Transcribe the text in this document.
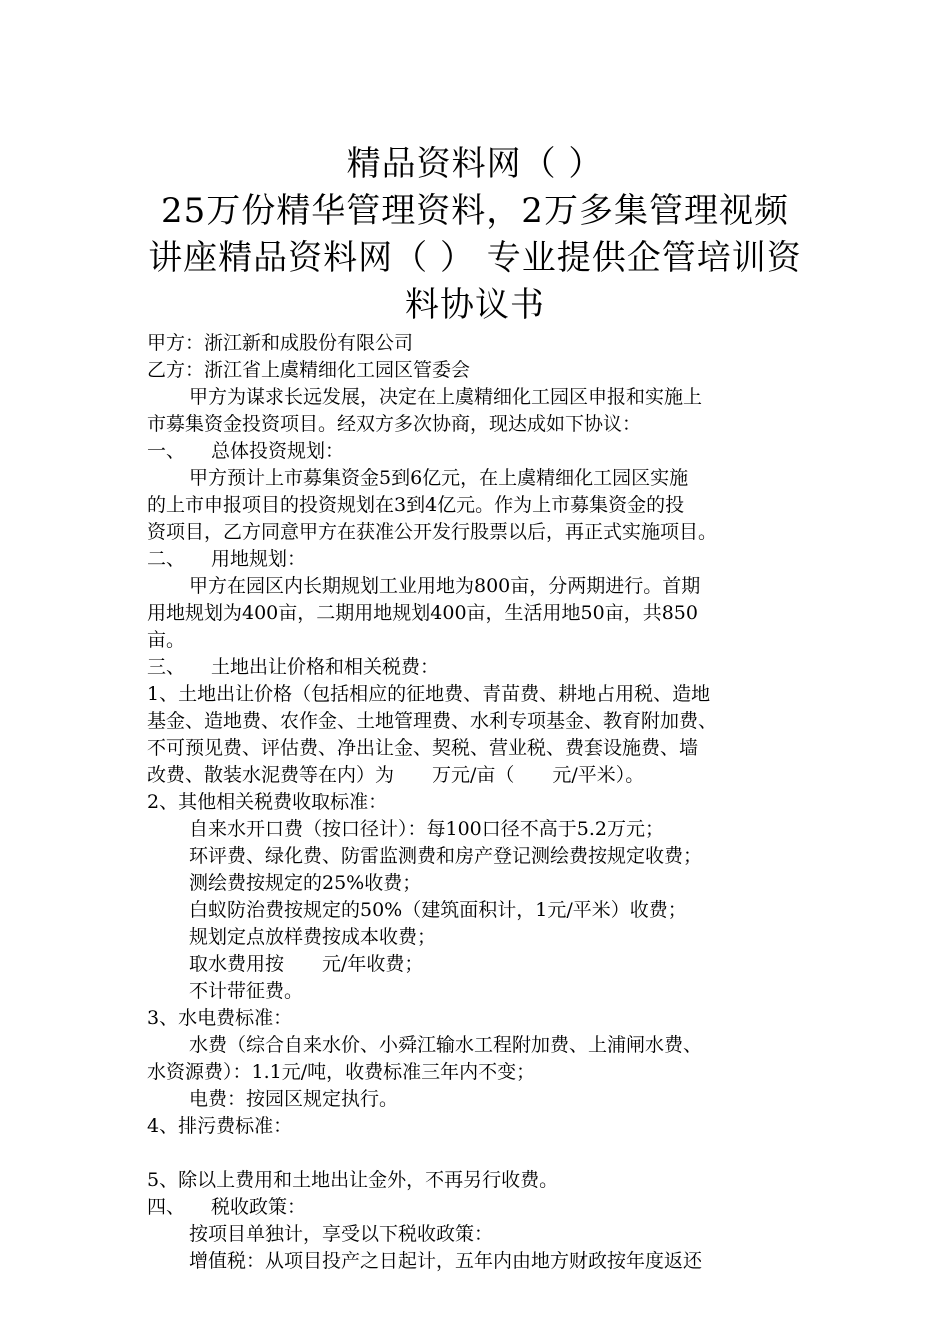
精品资料网（ ）
25万份精华管理资料，2万多集管理视频
讲座精品资料网（ ） 专业提供企管培训资
料协议书
甲方：浙江新和成股份有限公司
乙方：浙江省上虞精细化工园区管委会
甲方为谋求长远发展，决定在上虞精细化工园区申报和实施上
市募集资金投资项目。经双方多次协商，现达成如下协议：
一、 总体投资规划：
甲方预计上市募集资金5到6亿元，在上虞精细化工园区实施
的上市申报项目的投资规划在3到4亿元。作为上市募集资金的投
资项目，乙方同意甲方在获准公开发行股票以后，再正式实施项目。
二、 用地规划：
甲方在园区内长期规划工业用地为800亩，分两期进行。首期
用地规划为400亩，二期用地规划400亩，生活用地50亩，共850
亩。
三、 土地出让价格和相关税费：
1、土地出让价格（包括相应的征地费、青苗费、耕地占用税、造地
基金、造地费、农作金、土地管理费、水利专项基金、教育附加费、
不可预见费、评估费、净出让金、契税、营业税、费套设施费、墙
改费、散装水泥费等在内）为　　万元/亩（　　元/平米）。
2、其他相关税费收取标准：
自来水开口费（按口径计）：每100口径不高于5.2万元；
环评费、绿化费、防雷监测费和房产登记测绘费按规定收费；
测绘费按规定的25%收费；
白蚁防治费按规定的50%（建筑面积计，1元/平米）收费；
规划定点放样费按成本收费；
取水费用按　　元/年收费；
不计带征费。
3、水电费标准：
水费（综合自来水价、小舜江输水工程附加费、上浦闸水费、
水资源费）：1.1元/吨，收费标准三年内不变；
电费：按园区规定执行。
4、排污费标准：
5、除以上费用和土地出让金外，不再另行收费。
四、 税收政策：
按项目单独计，享受以下税收政策：
增值税：从项目投产之日起计，五年内由地方财政按年度返还
